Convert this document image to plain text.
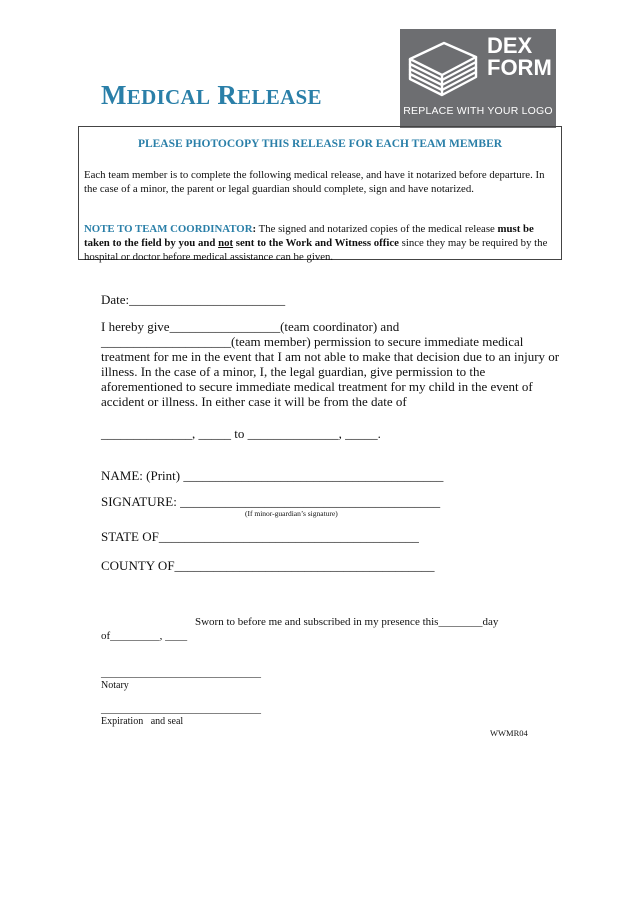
MEDICAL RELEASE
DEX
FORM
REPLACE WITH YOUR LOGO
PLEASE PHOTOCOPY THIS RELEASE FOR EACH TEAM MEMBER
Each team member is to complete the following medical release, and have it notarized before departure. In the case of a minor, the parent or legal guardian should complete, sign and have notarized.
NOTE TO TEAM COORDINATOR: The signed and notarized copies of the medical release must be taken to the field by you and not sent to the Work and Witness office since they may be required by the hospital or doctor before medical assistance can be given.
Date:________________________
I hereby give_________________(team coordinator) and ____________________(team member) permission to secure immediate medical treatment for me in the event that I am not able to make that decision due to an injury or illness. In the case of a minor, I, the legal guardian, give permission to the aforementioned to secure immediate medical treatment for my child in the event of accident or illness. In either case it will be from the date of
______________, _____ to ______________, _____.
NAME: (Print) ________________________________________
SIGNATURE: ________________________________________
(If minor-guardian’s signature)
STATE OF________________________________________
COUNTY OF________________________________________
Sworn to before me and subscribed in my presence this________day
of_________, ____
________________________________
Notary
________________________________
Expiration   and seal
WWMR04
